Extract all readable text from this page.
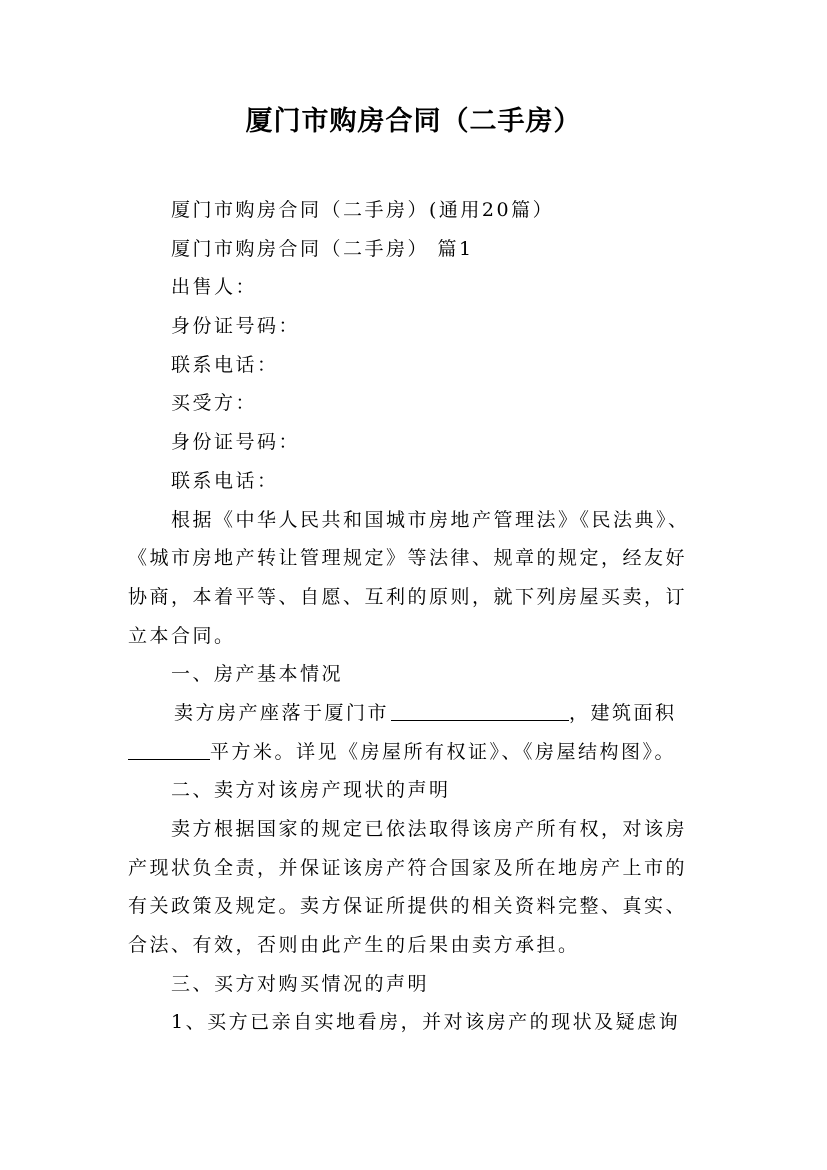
厦门市购房合同（二手房）

厦门市购房合同（二手房）(通用20篇）

厦门市购房合同（二手房） 篇1

出售人：

身份证号码：

联系电话：

买受方：

身份证号码：

联系电话：

根据《中华人民共和国城市房地产管理法》《民法典》、

《城市房地产转让管理规定》等法律、规章的规定，经友好

协商，本着平等、自愿、互利的原则，就下列房屋买卖，订

立本合同。

一、房产基本情况

卖方房产座落于厦门市	，建筑面积

平方米。详见《房屋所有权证》、《房屋结构图》。

二、卖方对该房产现状的声明

卖方根据国家的规定已依法取得该房产所有权，对该房

产现状负全责，并保证该房产符合国家及所在地房产上市的

有关政策及规定。卖方保证所提供的相关资料完整、真实、

合法、有效，否则由此产生的后果由卖方承担。

三、买方对购买情况的声明

1、买方已亲自实地看房，并对该房产的现状及疑虑询
